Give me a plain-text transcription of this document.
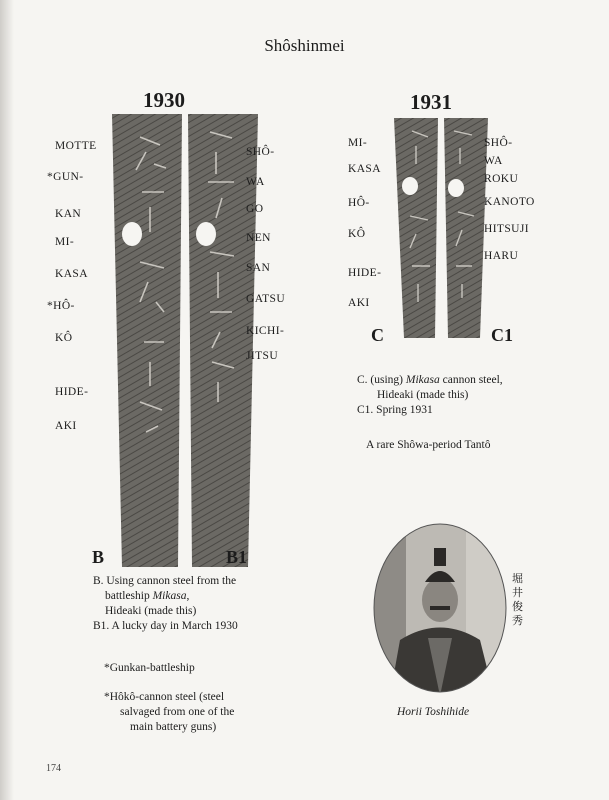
Shôshinmei
1930
MOTTE
*GUN-
KAN
MI-
KASA
*HÔ-
KÔ
HIDE-
AKI
SHÔ-
WA
GO
NEN
SAN
GATSU
KICHI-
JITSU
B	B1
B. Using cannon steel from the
battleship Mikasa,
Hideaki (made this)
B1. A lucky day in March 1930
*Gunkan-battleship
*Hôkô-cannon steel (steel
salvaged from one of the
main battery guns)
1931
MI-
KASA
HÔ-
KÔ
HIDE-
AKI
SHÔ-
WA
ROKU
KANOTO
HITSUJI
HARU
C	C1
C. (using) Mikasa cannon steel,
Hideaki (made this)
C1. Spring 1931
A rare Shôwa-period Tantô
堀
井
俊
秀
Horii Toshihide
174
